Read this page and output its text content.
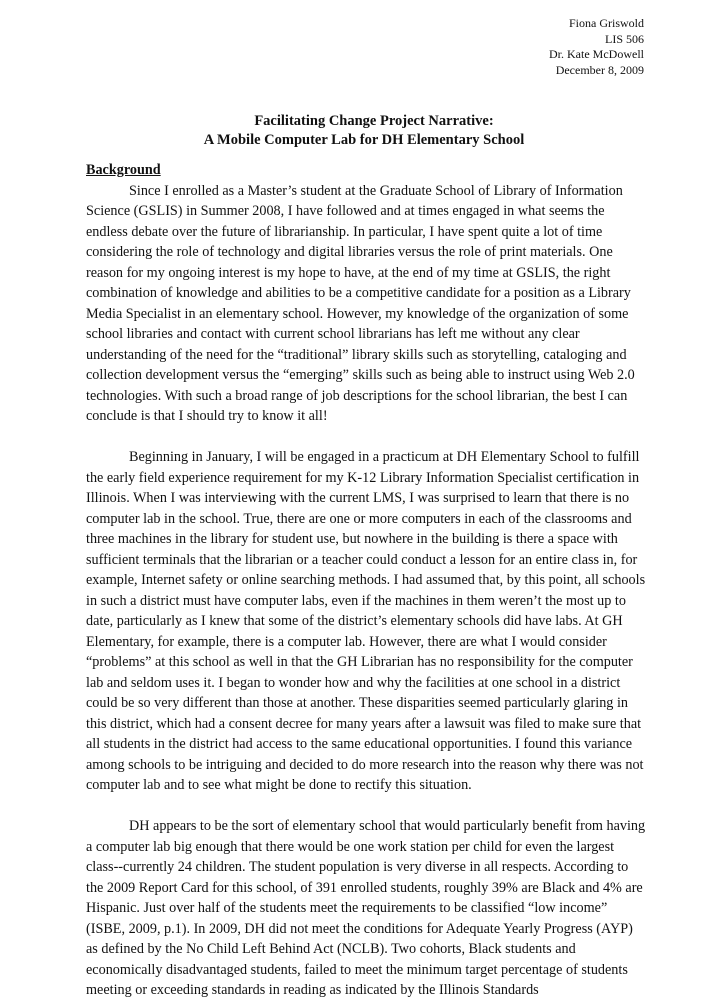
Fiona Griswold
LIS 506
Dr. Kate McDowell
December 8, 2009
Facilitating Change Project Narrative:
A Mobile Computer Lab for DH Elementary School
Background

Since I enrolled as a Master’s student at the Graduate School of Library of Information Science (GSLIS) in Summer 2008, I have followed and at times engaged in what seems the endless debate over the future of librarianship. In particular, I have spent quite a lot of time considering the role of technology and digital libraries versus the role of print materials. One reason for my ongoing interest is my hope to have, at the end of my time at GSLIS, the right combination of knowledge and abilities to be a competitive candidate for a position as a Library Media Specialist in an elementary school. However, my knowledge of the organization of some school libraries and contact with current school librarians has left me without any clear understanding of the need for the “traditional” library skills such as storytelling, cataloging and collection development versus the “emerging” skills such as being able to instruct using Web 2.0 technologies. With such a broad range of job descriptions for the school librarian, the best I can conclude is that I should try to know it all!

Beginning in January, I will be engaged in a practicum at DH Elementary School to fulfill the early field experience requirement for my K-12 Library Information Specialist certification in Illinois. When I was interviewing with the current LMS, I was surprised to learn that there is no computer lab in the school. True, there are one or more computers in each of the classrooms and three machines in the library for student use, but nowhere in the building is there a space with sufficient terminals that the librarian or a teacher could conduct a lesson for an entire class in, for example, Internet safety or online searching methods. I had assumed that, by this point, all schools in such a district must have computer labs, even if the machines in them weren’t the most up to date, particularly as I knew that some of the district’s elementary schools did have labs. At GH Elementary, for example, there is a computer lab. However, there are what I would consider “problems” at this school as well in that the GH Librarian has no responsibility for the computer lab and seldom uses it. I began to wonder how and why the facilities at one school in a district could be so very different than those at another. These disparities seemed particularly glaring in this district, which had a consent decree for many years after a lawsuit was filed to make sure that all students in the district had access to the same educational opportunities. I found this variance among schools to be intriguing and decided to do more research into the reason why there was not computer lab and to see what might be done to rectify this situation.

DH appears to be the sort of elementary school that would particularly benefit from having a computer lab big enough that there would be one work station per child for even the largest class--currently 24 children. The student population is very diverse in all respects. According to the 2009 Report Card for this school, of 391 enrolled students, roughly 39% are Black and 4% are Hispanic. Just over half of the students meet the requirements to be classified “low income” (ISBE, 2009, p.1). In 2009, DH did not meet the conditions for Adequate Yearly Progress (AYP) as defined by the No Child Left Behind Act (NCLB). Two cohorts, Black students and economically disadvantaged students, failed to meet the minimum target percentage of students meeting or exceeding standards in reading as indicated by the Illinois Standards
